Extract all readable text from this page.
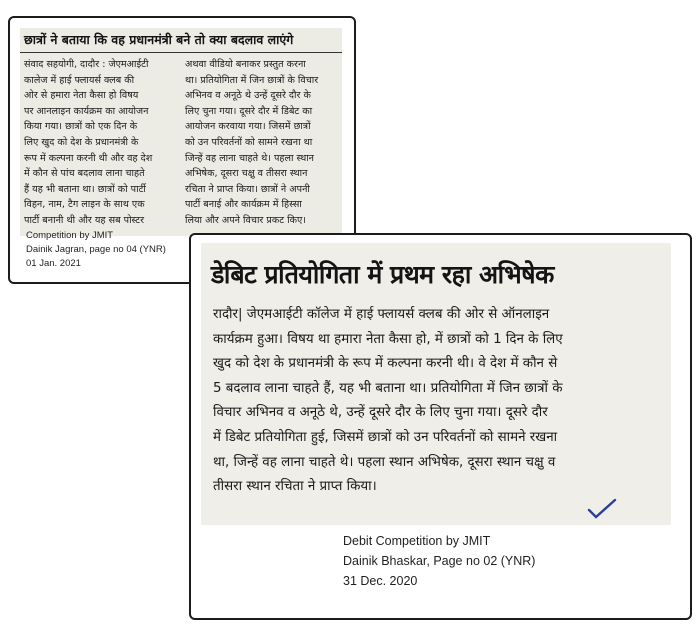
छात्रों ने बताया कि वह प्रधानमंत्री बने तो क्या बदलाव लाएंगे
संवाद सहयोगी, दादौर : जेएमआईटी
कालेज में हाई फ्लायर्स क्लब की
ओर से हमारा नेता कैसा हो विषय
पर आनलाइन कार्यक्रम का आयोजन
किया गया। छात्रों को एक दिन के
लिए खुद को देश के प्रधानमंत्री के
रूप में कल्पना करनी थी और वह देश
में कौन से पांच बदलाव लाना चाहते
हैं यह भी बताना था। छात्रों को पार्टी
विहन, नाम, टैग लाइन के साथ एक
पार्टी बनानी थी और यह सब पोस्टर
अथवा वीडियो बनाकर प्रस्तुत करना
था। प्रतियोगिता में जिन छात्रों के विचार
अभिनव व अनूठे थे उन्हें दूसरे दौर के
लिए चुना गया। दूसरे दौर में डिबेट का
आयोजन करवाया गया। जिसमें छात्रों
को उन परिवर्तनों को सामने रखना था
जिन्हें वह लाना चाहते थे। पहला स्थान
अभिषेक, दूसरा चक्षु व तीसरा स्थान
रचिता ने प्राप्त किया। छात्रों ने अपनी
पार्टी बनाई और कार्यक्रम में हिस्सा
लिया और अपने विचार प्रकट किए।
Competition by JMIT
Dainik Jagran, page no 04 (YNR)
01 Jan. 2021	डेबिट प्रतियोगिता में प्रथम रहा अभिषेक
रादौर| जेएमआईटी कॉलेज में हाई फ्लायर्स क्लब की ओर से ऑनलाइन
कार्यक्रम हुआ। विषय था हमारा नेता कैसा हो, में छात्रों को 1 दिन के लिए
खुद को देश के प्रधानमंत्री के रूप में कल्पना करनी थी। वे देश में कौन से
5 बदलाव लाना चाहते हैं, यह भी बताना था। प्रतियोगिता में जिन छात्रों के
विचार अभिनव व अनूठे थे, उन्हें दूसरे दौर के लिए चुना गया। दूसरे दौर
में डिबेट प्रतियोगिता हुई, जिसमें छात्रों को उन परिवर्तनों को सामने रखना
था, जिन्हें वह लाना चाहते थे। पहला स्थान अभिषेक, दूसरा स्थान चक्षु व
तीसरा स्थान रचिता ने प्राप्त किया।
Debit Competition by JMIT
Dainik Bhaskar, Page no 02 (YNR)
31 Dec. 2020
